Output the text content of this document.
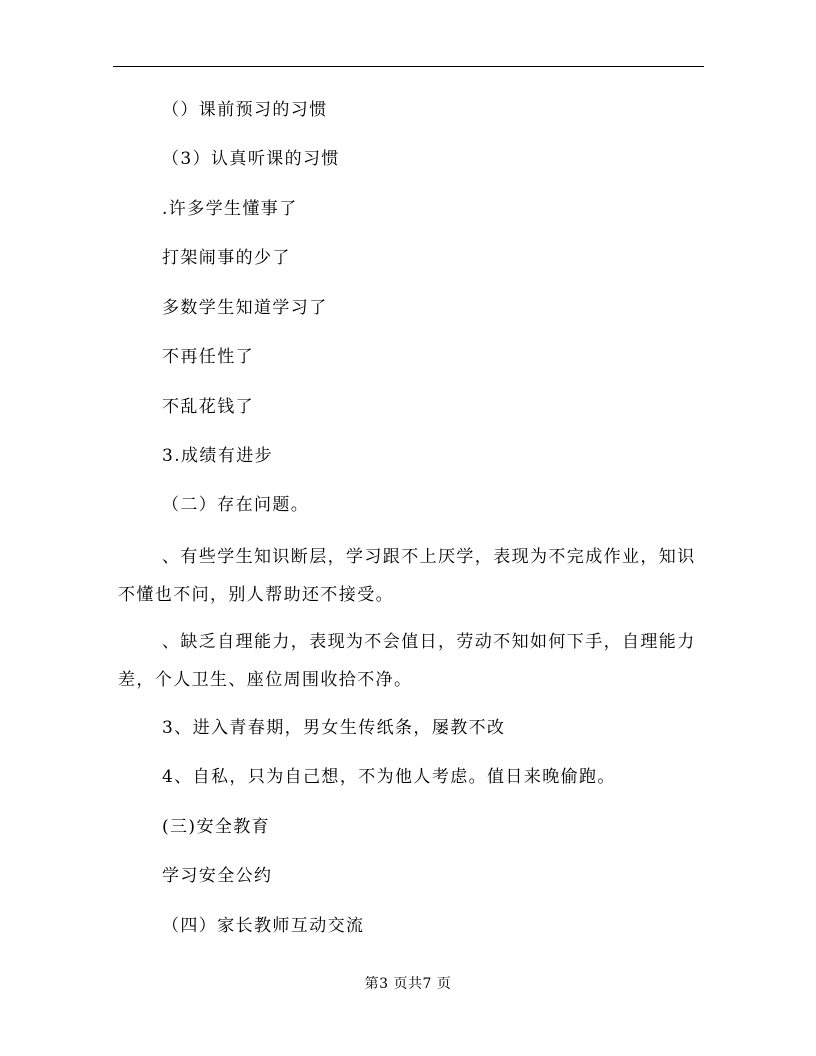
（）课前预习的习惯
（3）认真听课的习惯
.许多学生懂事了
打架闹事的少了
多数学生知道学习了
不再任性了
不乱花钱了
3.成绩有进步
（二）存在问题。
、有些学生知识断层，学习跟不上厌学，表现为不完成作业，知识
不懂也不问，别人帮助还不接受。
、缺乏自理能力，表现为不会值日，劳动不知如何下手，自理能力
差，个人卫生、座位周围收拾不净。
3、进入青春期，男女生传纸条，屡教不改
4、自私，只为自己想，不为他人考虑。值日来晚偷跑。
(三)安全教育
学习安全公约
（四）家长教师互动交流
第3 页共7 页
